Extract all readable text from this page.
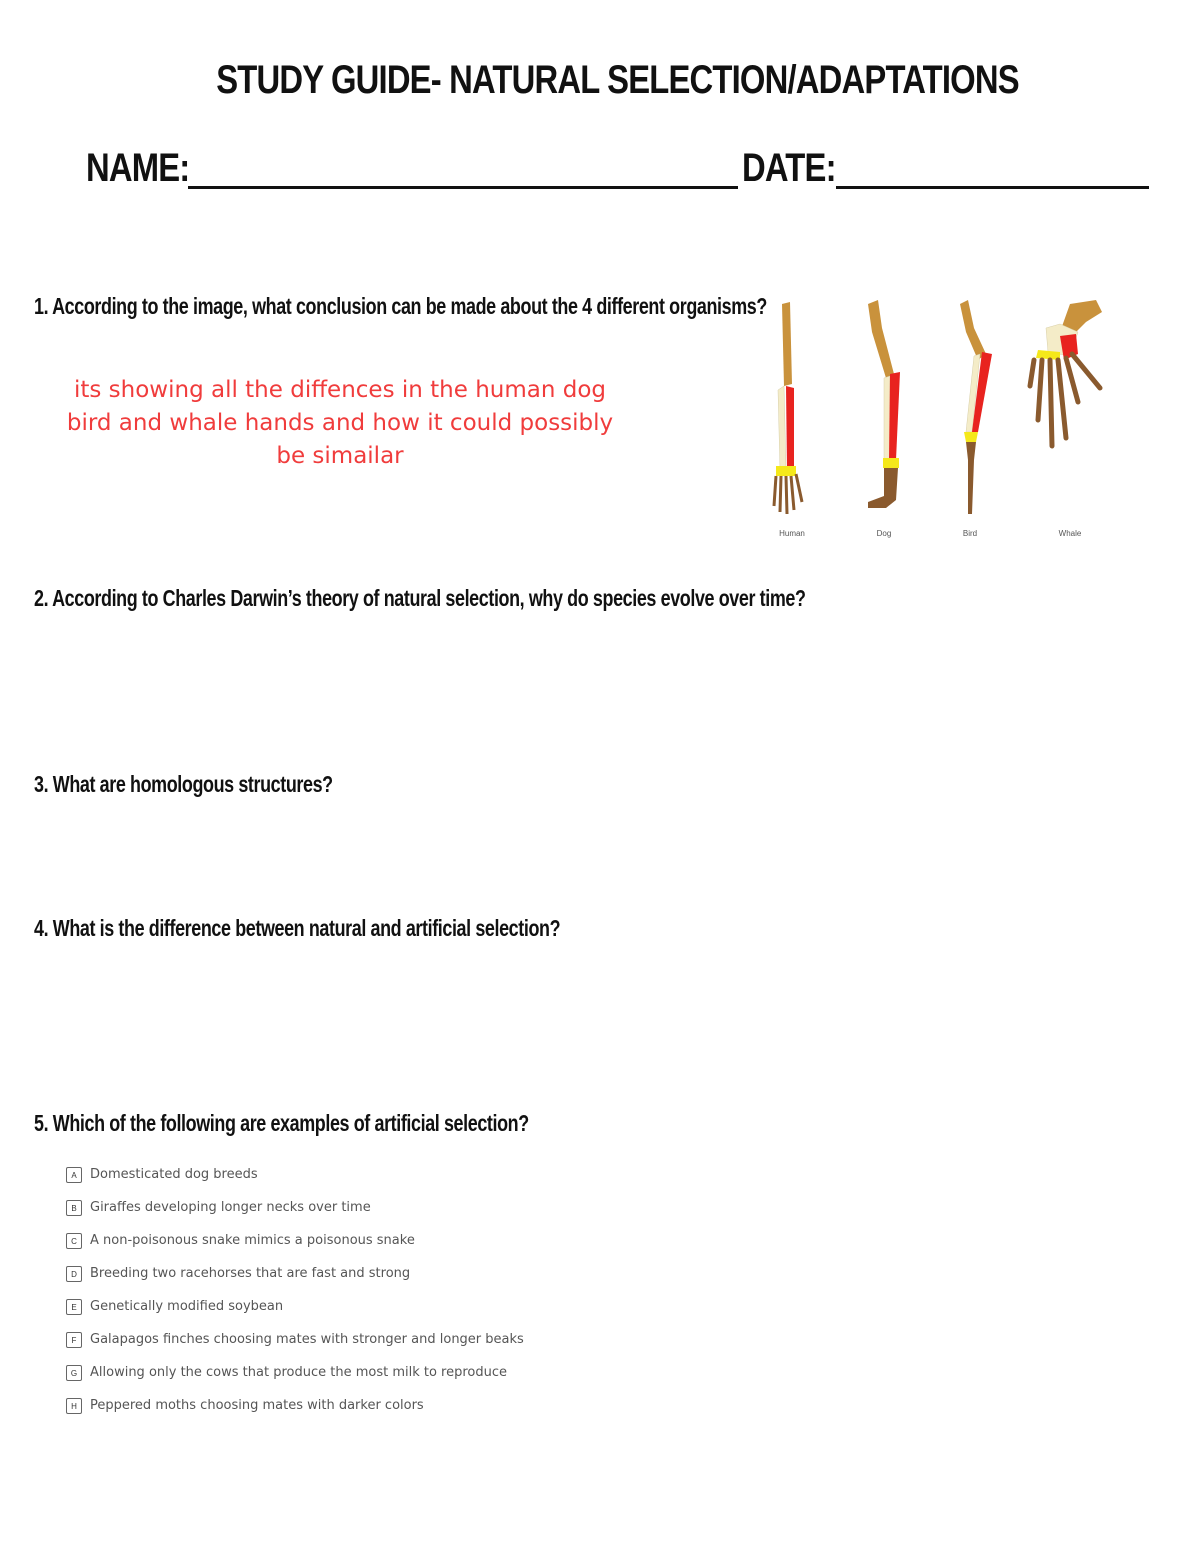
STUDY GUIDE- NATURAL SELECTION/ADAPTATIONS
NAME:	DATE:
1. According to the image, what conclusion can be made about the 4 different organisms?
its showing all the diffences in the human dog
bird and whale hands and how it could possibly
be simailar
Human	Dog	Bird	Whale
2. According to Charles Darwin’s theory of natural selection, why do species evolve over time?
3. What are homologous structures?
4. What is the difference between natural and artificial selection?
5. Which of the following are examples of artificial selection?
A	Domesticated dog breeds
B	Giraffes developing longer necks over time
C	A non-poisonous snake mimics a poisonous snake
D	Breeding two racehorses that are fast and strong
E	Genetically modified soybean
F	Galapagos finches choosing mates with stronger and longer beaks
G Allowing only the cows that produce the most milk to reproduce
H	Peppered moths choosing mates with darker colors
